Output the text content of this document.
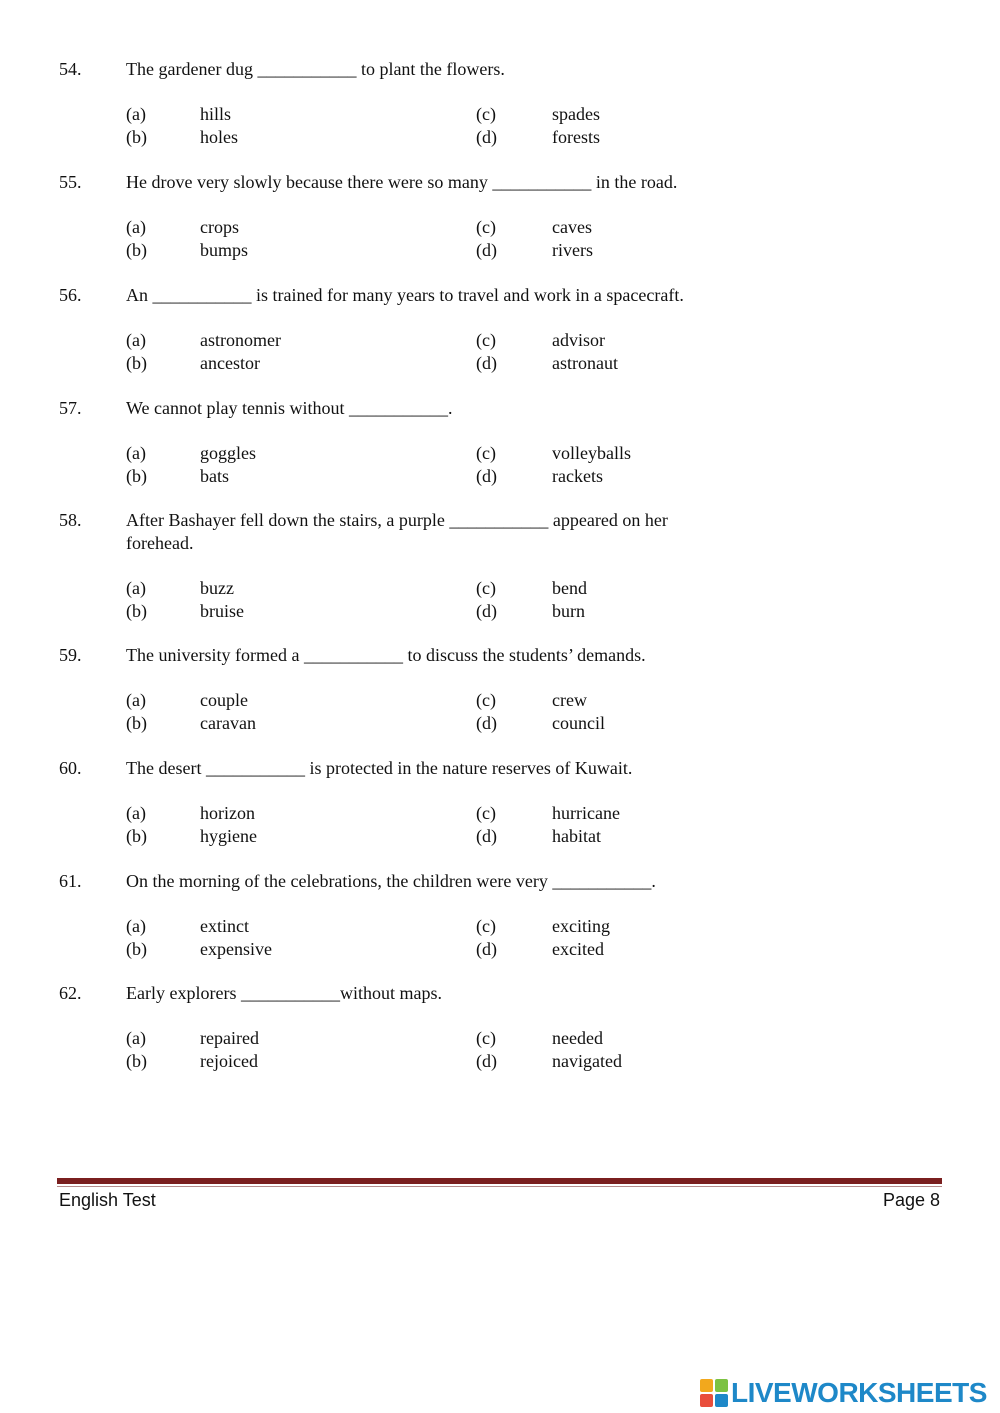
54. The gardener dug ___________ to plant the flowers.
(a)	hills
(b)	holes
(c)	spades
(d)	forests
55. He drove very slowly because there were so many ___________ in the road.
(a)	crops
(b)	bumps
(c)	caves
(d)	rivers
56. An ___________ is trained for many years to travel and work in a spacecraft.
(a)	astronomer
(b)	ancestor
(c)	advisor
(d)	astronaut
57. We cannot play tennis without ___________.
(a)	goggles
(b)	bats
(c)	volleyballs
(d)	rackets
58. After Bashayer fell down the stairs, a purple ___________ appeared on her forehead.
(a)	buzz
(b)	bruise
(c)	bend
(d)	burn
59. The university formed a ___________ to discuss the students’ demands.
(a)	couple
(b)	caravan
(c)	crew
(d)	council
60. The desert ___________ is protected in the nature reserves of Kuwait.
(a)	horizon
(b)	hygiene
(c)	hurricane
(d)	habitat
61. On the morning of the celebrations, the children were very ___________.
(a)	extinct
(b)	expensive
(c)	exciting
(d)	excited
62. Early explorers ___________without maps.
(a)	repaired
(b)	rejoiced
(c)	needed
(d)	navigated
English Test	Page 8
LIVEWORKSHEETS
